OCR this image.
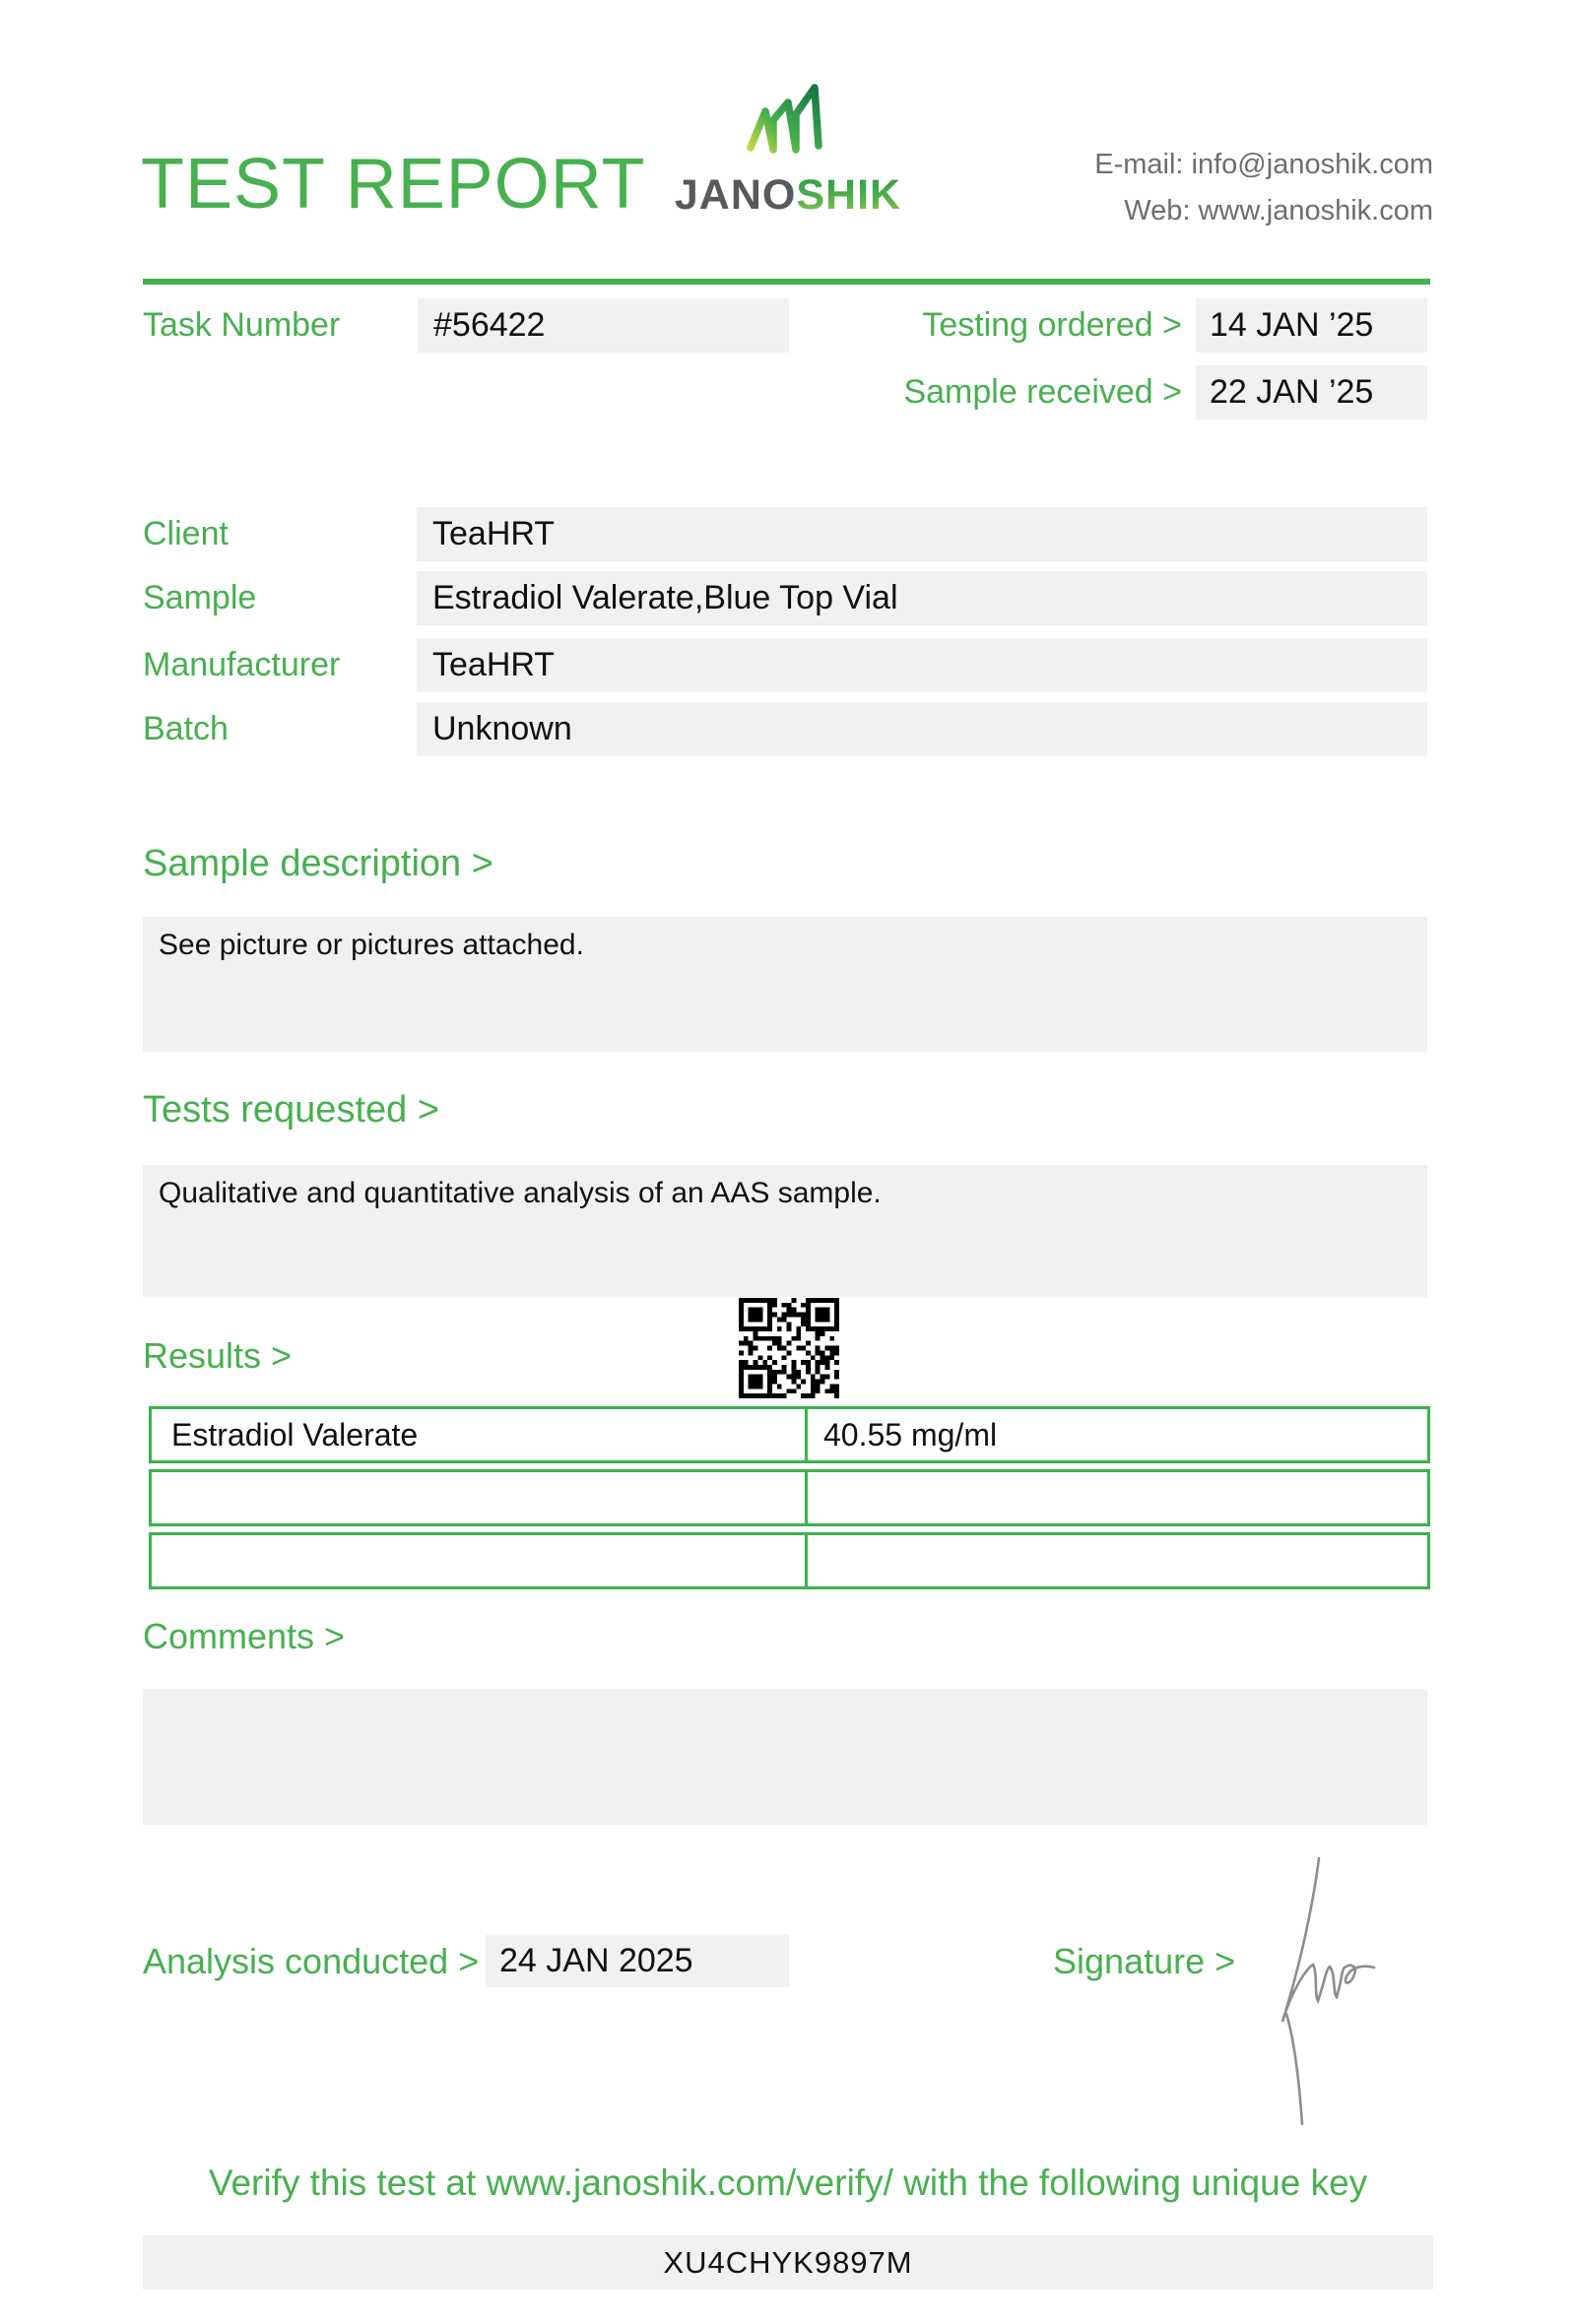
TEST REPORT JANOSHIK
E-mail: info@janoshik.com
Web: www.janoshik.com
Task Number	#56422	Testing ordered > 14 JAN ’25
Sample received > 22 JAN ’25
Client	TeaHRT
Sample	Estradiol Valerate,Blue Top Vial
Manufacturer	TeaHRT
Batch	Unknown
Sample description >
See picture or pictures attached.
Tests requested >
Qualitative and quantitative analysis of an AAS sample.
Results >
Estradiol Valerate	40.55 mg/ml
Comments >
Analysis conducted > 24 JAN 2025	Signature >
Verify this test at www.janoshik.com/verify/ with the following unique key
XU4CHYK9897M
